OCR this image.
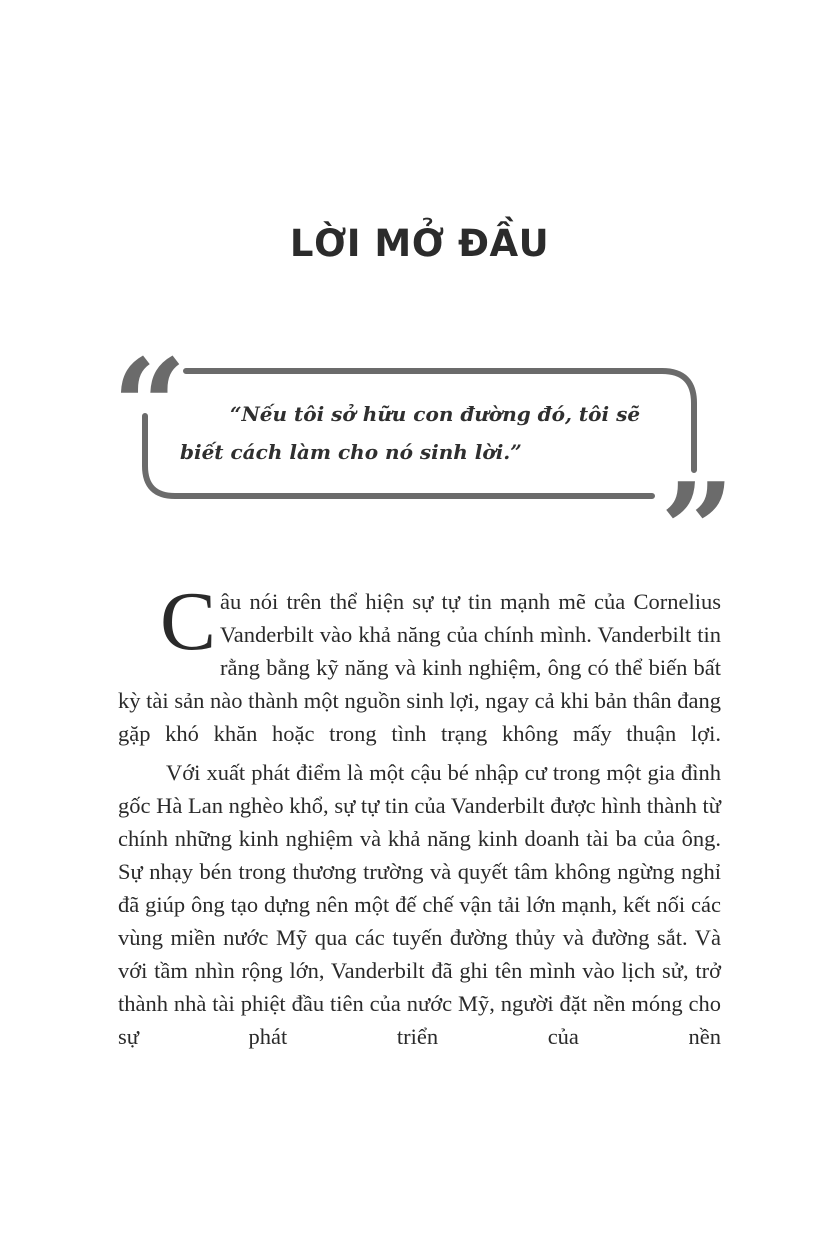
LỜI MỞ ĐẦU
“
”

“Nếu tôi sở hữu con đường đó, tôi sẽ biết cách làm cho nó sinh lời.”

Câu nói trên thể hiện sự tự tin mạnh mẽ của Cornelius Vanderbilt vào khả năng của chính mình. Vanderbilt tin rằng bằng kỹ năng và kinh nghiệm, ông có thể biến bất kỳ tài sản nào thành một nguồn sinh lợi, ngay cả khi bản thân đang gặp khó khăn hoặc trong tình trạng không mấy thuận lợi.

Với xuất phát điểm là một cậu bé nhập cư trong một gia đình gốc Hà Lan nghèo khổ, sự tự tin của Vanderbilt được hình thành từ chính những kinh nghiệm và khả năng kinh doanh tài ba của ông. Sự nhạy bén trong thương trường và quyết tâm không ngừng nghỉ đã giúp ông tạo dựng nên một đế chế vận tải lớn mạnh, kết nối các vùng miền nước Mỹ qua các tuyến đường thủy và đường sắt. Và với tầm nhìn rộng lớn, Vanderbilt đã ghi tên mình vào lịch sử, trở thành nhà tài phiệt đầu tiên của nước Mỹ, người đặt nền móng cho sự phát triển của nền
